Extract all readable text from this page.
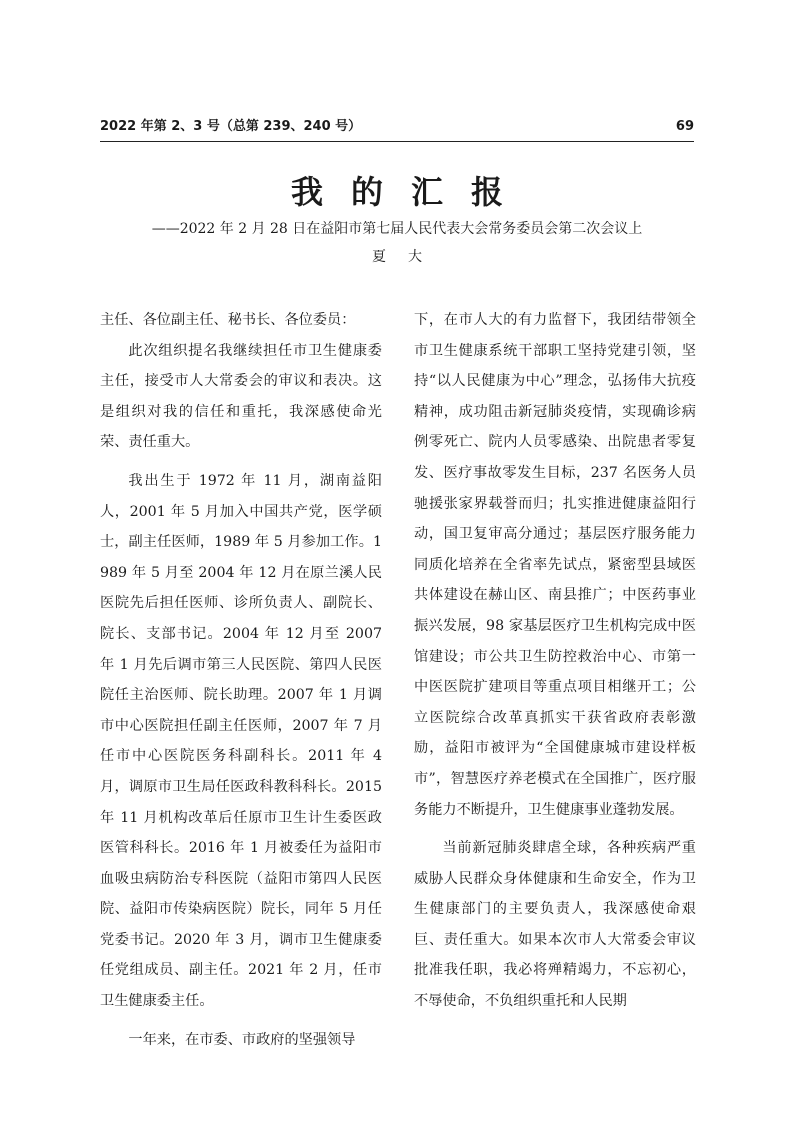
2022 年第 2、3 号（总第 239、240 号）	69
我的汇报
——2022 年 2 月 28 日在益阳市第七届人民代表大会常务委员会第二次会议上
夏大

主任、各位副主任、秘书长、各位委员：

此次组织提名我继续担任市卫生健康委主任，接受市人大常委会的审议和表决。这是组织对我的信任和重托，我深感使命光荣、责任重大。

我出生于 1972 年 11 月，湖南益阳人，2001 年 5 月加入中国共产党，医学硕士，副主任医师，1989 年 5 月参加工作。1989 年 5 月至 2004 年 12 月在原兰溪人民医院先后担任医师、诊所负责人、副院长、院长、支部书记。2004 年 12 月至 2007 年 1 月先后调市第三人民医院、第四人民医院任主治医师、院长助理。2007 年 1 月调市中心医院担任副主任医师，2007 年 7 月任市中心医院医务科副科长。2011 年 4 月，调原市卫生局任医政科教科科长。2015 年 11 月机构改革后任原市卫生计生委医政医管科科长。2016 年 1 月被委任为益阳市血吸虫病防治专科医院（益阳市第四人民医院、益阳市传染病医院）院长，同年 5 月任党委书记。2020 年 3 月，调市卫生健康委任党组成员、副主任。2021 年 2 月，任市卫生健康委主任。

一年来，在市委、市政府的坚强领导

下，在市人大的有力监督下，我团结带领全市卫生健康系统干部职工坚持党建引领，坚持“以人民健康为中心”理念，弘扬伟大抗疫精神，成功阻击新冠肺炎疫情，实现确诊病例零死亡、院内人员零感染、出院患者零复发、医疗事故零发生目标，237 名医务人员驰援张家界载誉而归；扎实推进健康益阳行动，国卫复审高分通过；基层医疗服务能力同质化培养在全省率先试点，紧密型县域医共体建设在赫山区、南县推广；中医药事业振兴发展，98 家基层医疗卫生机构完成中医馆建设；市公共卫生防控救治中心、市第一中医医院扩建项目等重点项目相继开工；公立医院综合改革真抓实干获省政府表彰激励，益阳市被评为“全国健康城市建设样板市”，智慧医疗养老模式在全国推广，医疗服务能力不断提升，卫生健康事业蓬勃发展。

当前新冠肺炎肆虐全球，各种疾病严重威胁人民群众身体健康和生命安全，作为卫生健康部门的主要负责人，我深感使命艰巨、责任重大。如果本次市人大常委会审议批准我任职，我必将殚精竭力，不忘初心，不辱使命，不负组织重托和人民期
